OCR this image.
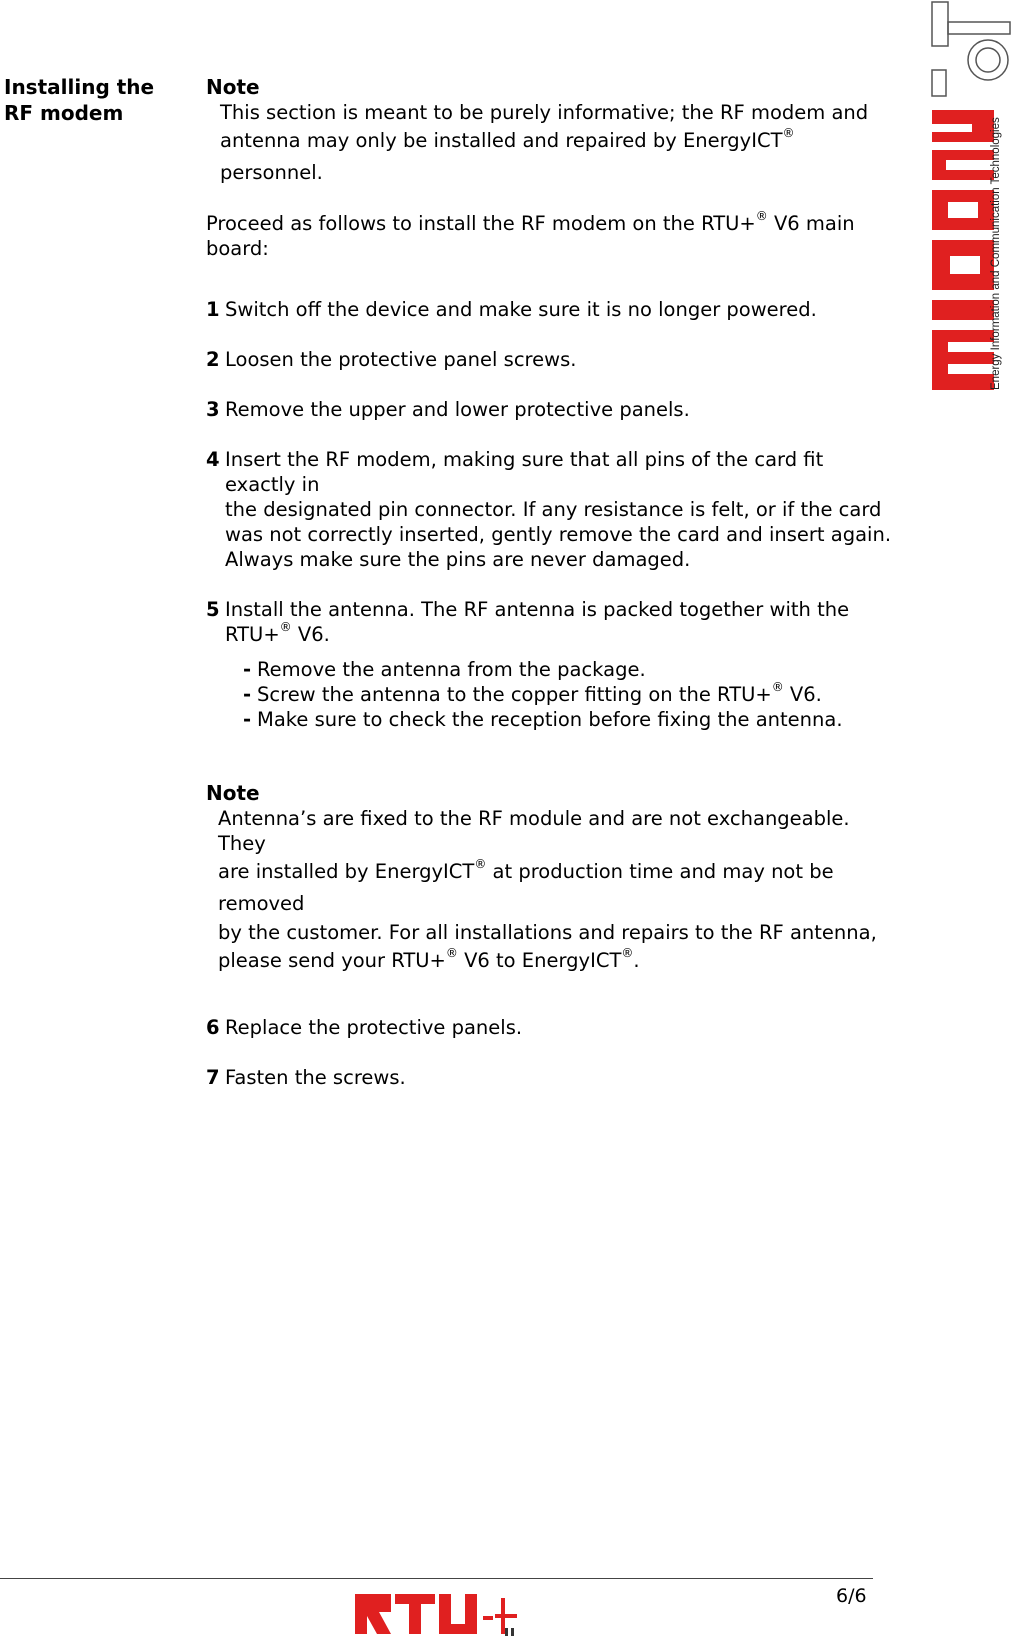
Installing the
RF modem
Note
This section is meant to be purely informative; the RF modem and
antenna may only be installed and repaired by EnergyICT® personnel.
Proceed as follows to install the RF modem on the RTU+® V6 main board:
1 Switch off the device and make sure it is no longer powered.
2 Loosen the protective panel screws.
3 Remove the upper and lower protective panels.
4 Insert the RF modem, making sure that all pins of the card fit exactly in
the designated pin connector. If any resistance is felt, or if the card
was not correctly inserted, gently remove the card and insert again.
Always make sure the pins are never damaged.
5 Install the antenna. The RF antenna is packed together with the
RTU+® V6.
- Remove the antenna from the package.
- Screw the antenna to the copper fitting on the RTU+® V6.
- Make sure to check the reception before fixing the antenna.
Note
Antenna’s are fixed to the RF module and are not exchangeable. They
are installed by EnergyICT® at production time and may not be removed
by the customer. For all installations and repairs to the RF antenna,
please send your RTU+® V6 to EnergyICT®.
6 Replace the protective panels.
7 Fasten the screws.
Energy Information and Communication Technologies
6/6
